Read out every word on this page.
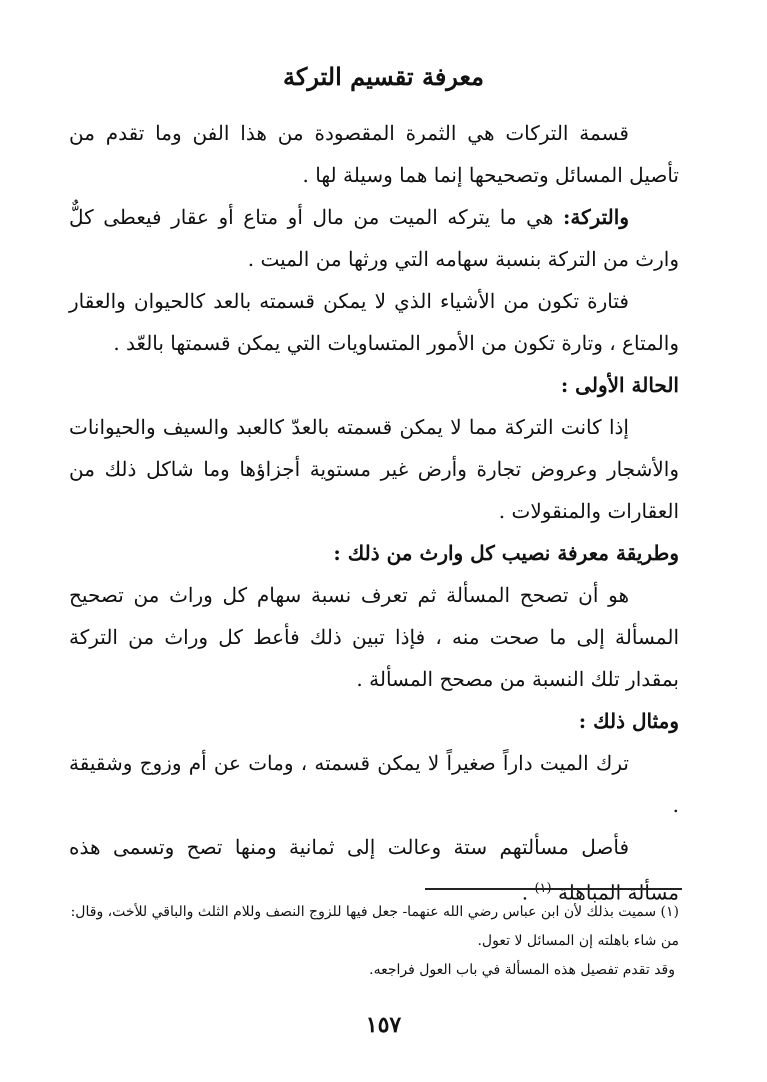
معرفة تقسيم التركة

قسمة التركات هي الثمرة المقصودة من هذا الفن وما تقدم من تأصيل المسائل وتصحيحها إنما هما وسيلة لها .

والتركة: هي ما يتركه الميت من مال أو متاع أو عقار فيعطى كلٌّ وارث من التركة بنسبة سهامه التي ورثها من الميت .

فتارة تكون من الأشياء الذي لا يمكن قسمته بالعد كالحيوان والعقار والمتاع ، وتارة تكون من الأمور المتساويات التي يمكن قسمتها بالعّد .

الحالة الأولى :

إذا كانت التركة مما لا يمكن قسمته بالعدّ كالعبد والسيف والحيوانات والأشجار وعروض تجارة وأرض غير مستوية أجزاؤها وما شاكل ذلك من العقارات والمنقولات .

وطريقة معرفة نصيب كل وارث من ذلك :

هو أن تصحح المسألة ثم تعرف نسبة سهام كل وراث من تصحيح المسألة إلى ما صحت منه ، فإذا تبين ذلك فأعط كل وراث من التركة بمقدار تلك النسبة من مصحح المسألة .

ومثال ذلك :

ترك الميت داراً صغيراً لا يمكن قسمته ، ومات عن أم وزوج وشقيقة .

فأصل مسألتهم ستة وعالت إلى ثمانية ومنها تصح وتسمى هذه مسألة المباهلة $^{(١)}$ .

(١) سميت بذلك لأن ابن عباس رضي الله عنهما- جعل فيها للزوج النصف وللام الثلث والباقي للأخت، وقال: من شاء باهلته إن المسائل لا تعول.

وقد تقدم تفصيل هذه المسألة في باب العول فراجعه.

١٥٧
